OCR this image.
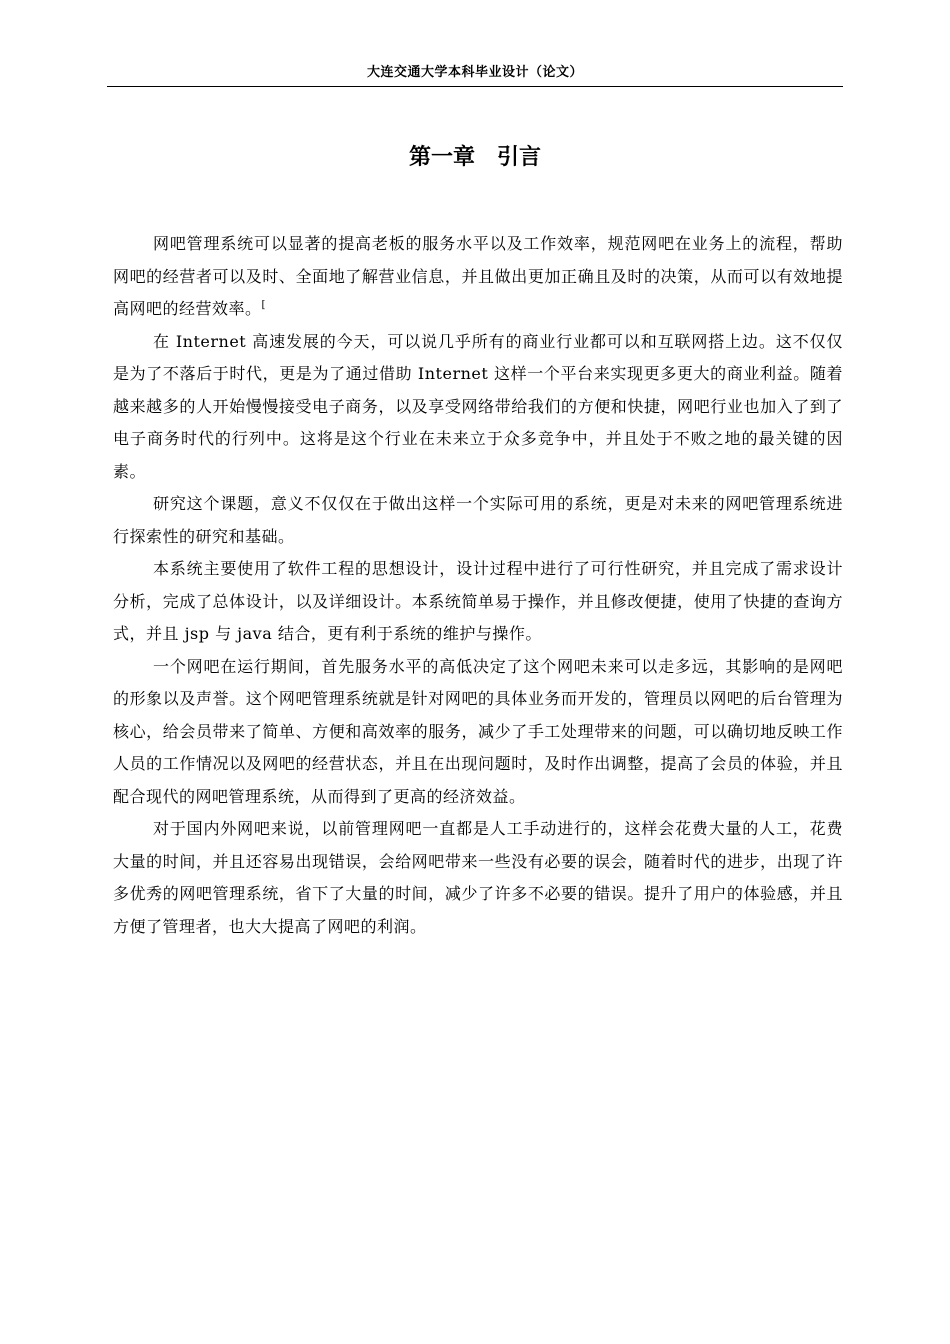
大连交通大学本科毕业设计（论文）
第一章　引言

网吧管理系统可以显著的提高老板的服务水平以及工作效率，规范网吧在业务上的流程，帮助网吧的经营者可以及时、全面地了解营业信息，并且做出更加正确且及时的决策，从而可以有效地提高网吧的经营效率。[

在 Internet 高速发展的今天，可以说几乎所有的商业行业都可以和互联网搭上边。这不仅仅是为了不落后于时代，更是为了通过借助 Internet 这样一个平台来实现更多更大的商业利益。随着越来越多的人开始慢慢接受电子商务，以及享受网络带给我们的方便和快捷，网吧行业也加入了到了电子商务时代的行列中。这将是这个行业在未来立于众多竞争中，并且处于不败之地的最关键的因素。

研究这个课题，意义不仅仅在于做出这样一个实际可用的系统，更是对未来的网吧管理系统进行探索性的研究和基础。

本系统主要使用了软件工程的思想设计，设计过程中进行了可行性研究，并且完成了需求设计分析，完成了总体设计，以及详细设计。本系统简单易于操作，并且修改便捷，使用了快捷的查询方式，并且 jsp 与 java 结合，更有利于系统的维护与操作。

一个网吧在运行期间，首先服务水平的高低决定了这个网吧未来可以走多远，其影响的是网吧的形象以及声誉。这个网吧管理系统就是针对网吧的具体业务而开发的，管理员以网吧的后台管理为核心，给会员带来了简单、方便和高效率的服务，减少了手工处理带来的问题，可以确切地反映工作人员的工作情况以及网吧的经营状态，并且在出现问题时，及时作出调整，提高了会员的体验，并且配合现代的网吧管理系统，从而得到了更高的经济效益。

对于国内外网吧来说，以前管理网吧一直都是人工手动进行的，这样会花费大量的人工，花费大量的时间，并且还容易出现错误，会给网吧带来一些没有必要的误会，随着时代的进步，出现了许多优秀的网吧管理系统，省下了大量的时间，减少了许多不必要的错误。提升了用户的体验感，并且方便了管理者，也大大提高了网吧的利润。
